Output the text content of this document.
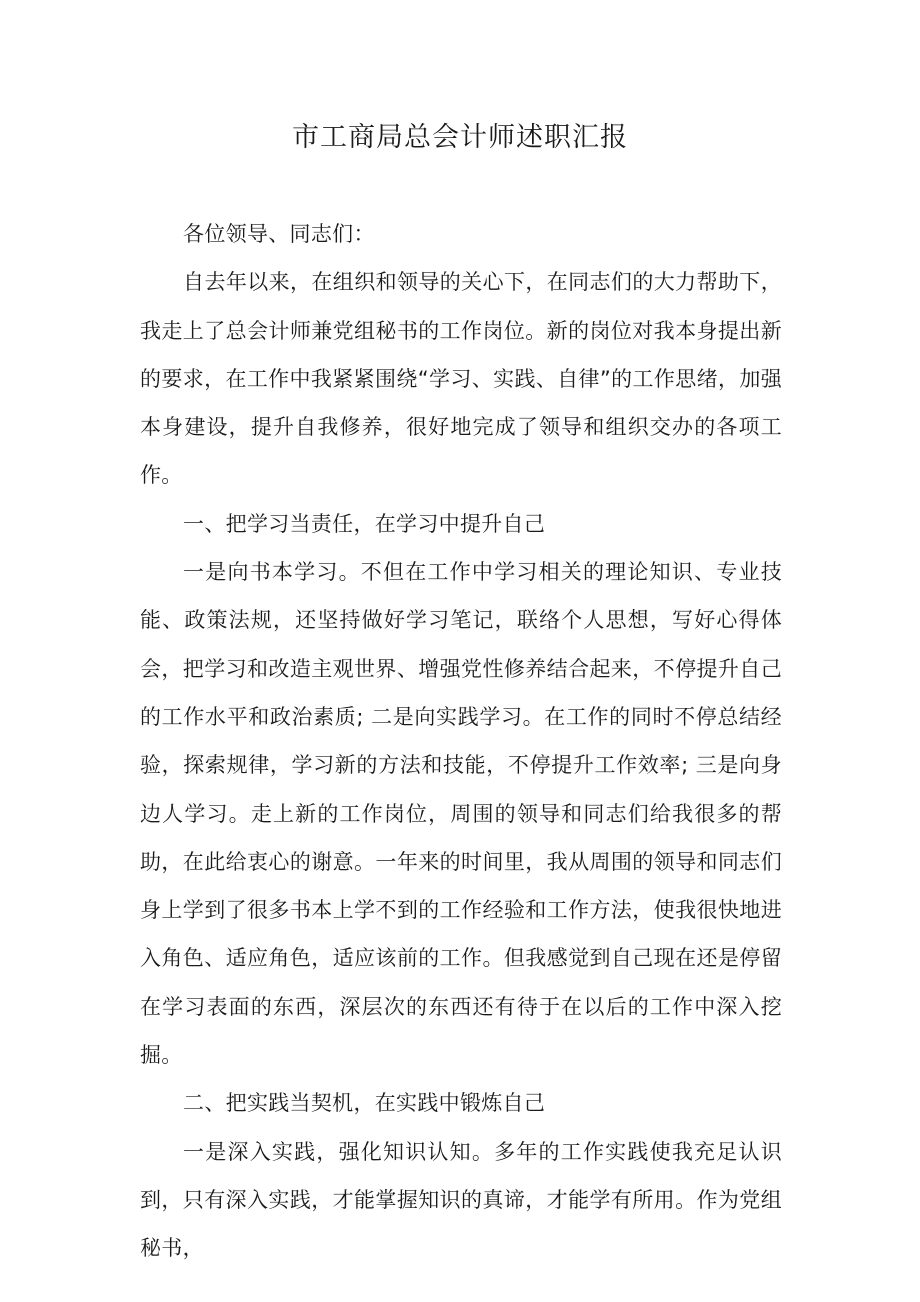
市工商局总会计师述职汇报

各位领导、同志们：

自去年以来，在组织和领导的关心下，在同志们的大力帮助下，我走上了总会计师兼党组秘书的工作岗位。新的岗位对我本身提出新的要求，在工作中我紧紧围绕“学习、实践、自律”的工作思绪，加强本身建设，提升自我修养，很好地完成了领导和组织交办的各项工作。

一、把学习当责任，在学习中提升自己

一是向书本学习。不但在工作中学习相关的理论知识、专业技能、政策法规，还坚持做好学习笔记，联络个人思想，写好心得体会，把学习和改造主观世界、增强党性修养结合起来，不停提升自己的工作水平和政治素质; 二是向实践学习。在工作的同时不停总结经验，探索规律，学习新的方法和技能，不停提升工作效率; 三是向身边人学习。走上新的工作岗位，周围的领导和同志们给我很多的帮助，在此给衷心的谢意。一年来的时间里，我从周围的领导和同志们身上学到了很多书本上学不到的工作经验和工作方法，使我很快地进入角色、适应角色，适应该前的工作。但我感觉到自己现在还是停留在学习表面的东西，深层次的东西还有待于在以后的工作中深入挖掘。

二、把实践当契机，在实践中锻炼自己

一是深入实践，强化知识认知。多年的工作实践使我充足认识到，只有深入实践，才能掌握知识的真谛，才能学有所用。作为党组秘书，
